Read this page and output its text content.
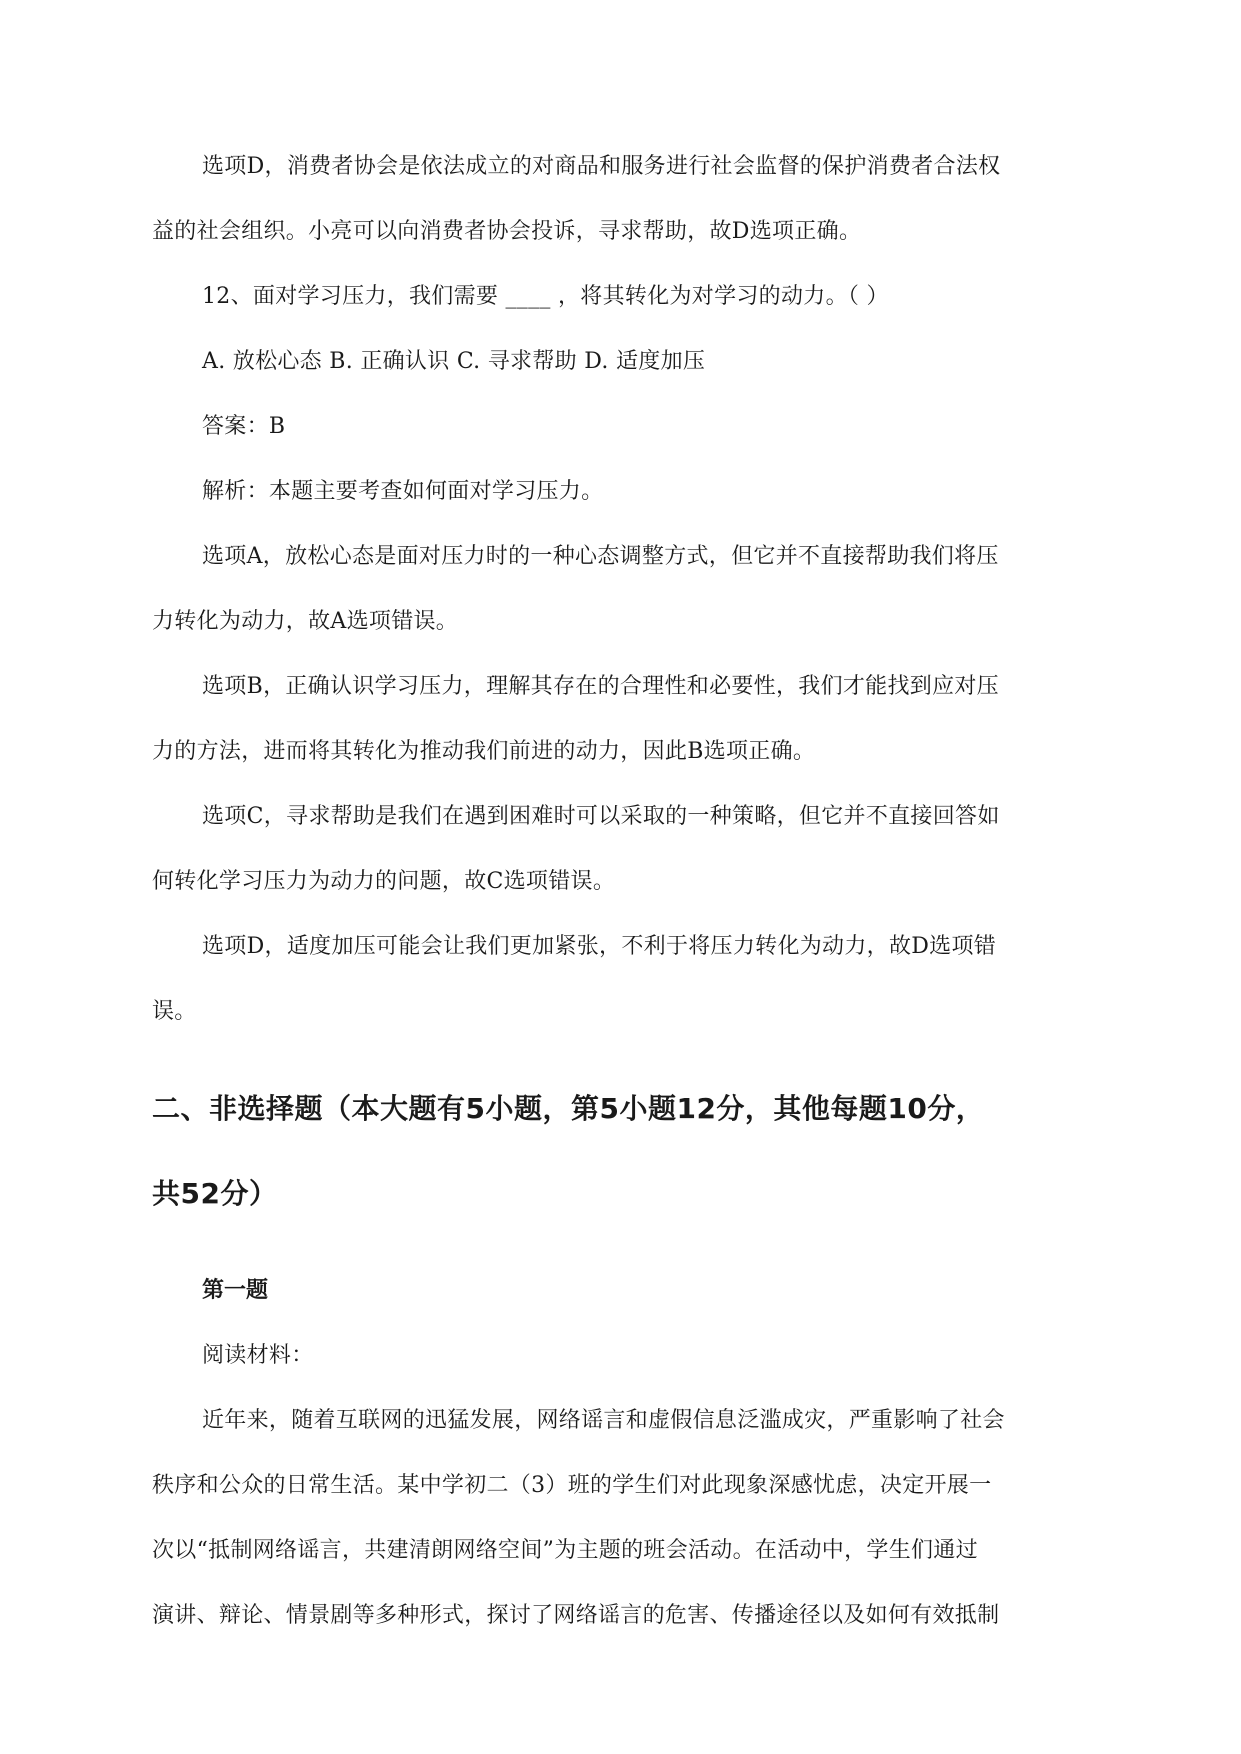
选项D，消费者协会是依法成立的对商品和服务进行社会监督的保护消费者合法权

益的社会组织。小亮可以向消费者协会投诉，寻求帮助，故D选项正确。

12、面对学习压力，我们需要 ____ ，将其转化为对学习的动力。（ ）

A. 放松心态 B. 正确认识 C. 寻求帮助 D. 适度加压

答案：B

解析：本题主要考查如何面对学习压力。

选项A，放松心态是面对压力时的一种心态调整方式，但它并不直接帮助我们将压

力转化为动力，故A选项错误。

选项B，正确认识学习压力，理解其存在的合理性和必要性，我们才能找到应对压

力的方法，进而将其转化为推动我们前进的动力，因此B选项正确。

选项C，寻求帮助是我们在遇到困难时可以采取的一种策略，但它并不直接回答如

何转化学习压力为动力的问题，故C选项错误。

选项D，适度加压可能会让我们更加紧张，不利于将压力转化为动力，故D选项错

误。

二、非选择题（本大题有5小题，第5小题12分，其他每题10分，
共52分）
第一题

阅读材料：

近年来，随着互联网的迅猛发展，网络谣言和虚假信息泛滥成灾，严重影响了社会

秩序和公众的日常生活。某中学初二（3）班的学生们对此现象深感忧虑，决定开展一

次以“抵制网络谣言，共建清朗网络空间”为主题的班会活动。在活动中，学生们通过

演讲、辩论、情景剧等多种形式，探讨了网络谣言的危害、传播途径以及如何有效抵制
